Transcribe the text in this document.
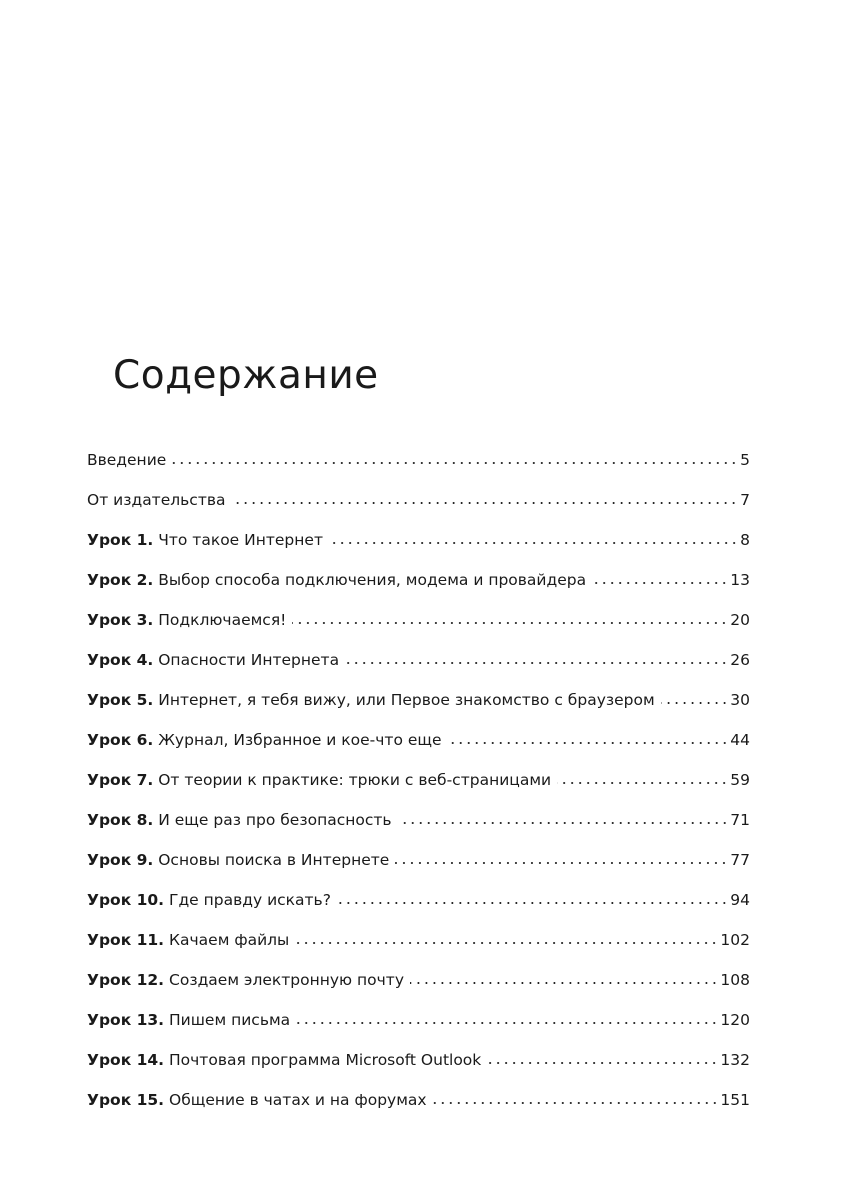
Содержание
Введение	5
От издательства	7
Урок 1. Что такое Интернет	8
Урок 2. Выбор способа подключения, модема и провайдера	13
Урок 3. Подключаемся!	20
Урок 4. Опасности Интернета	26
Урок 5. Интернет, я тебя вижу, или Первое знакомство с браузером	30
Урок 6. Журнал, Избранное и кое-что еще	44
Урок 7. От теории к практике: трюки с веб-страницами	59
Урок 8. И еще раз про безопасность	71
Урок 9. Основы поиска в Интернете	77
Урок 10. Где правду искать?	94
Урок 11. Качаем файлы	102
Урок 12. Создаем электронную почту	108
Урок 13. Пишем письма	120
Урок 14. Почтовая программа Microsoft Outlook	132
Урок 15. Общение в чатах и на форумах	151
